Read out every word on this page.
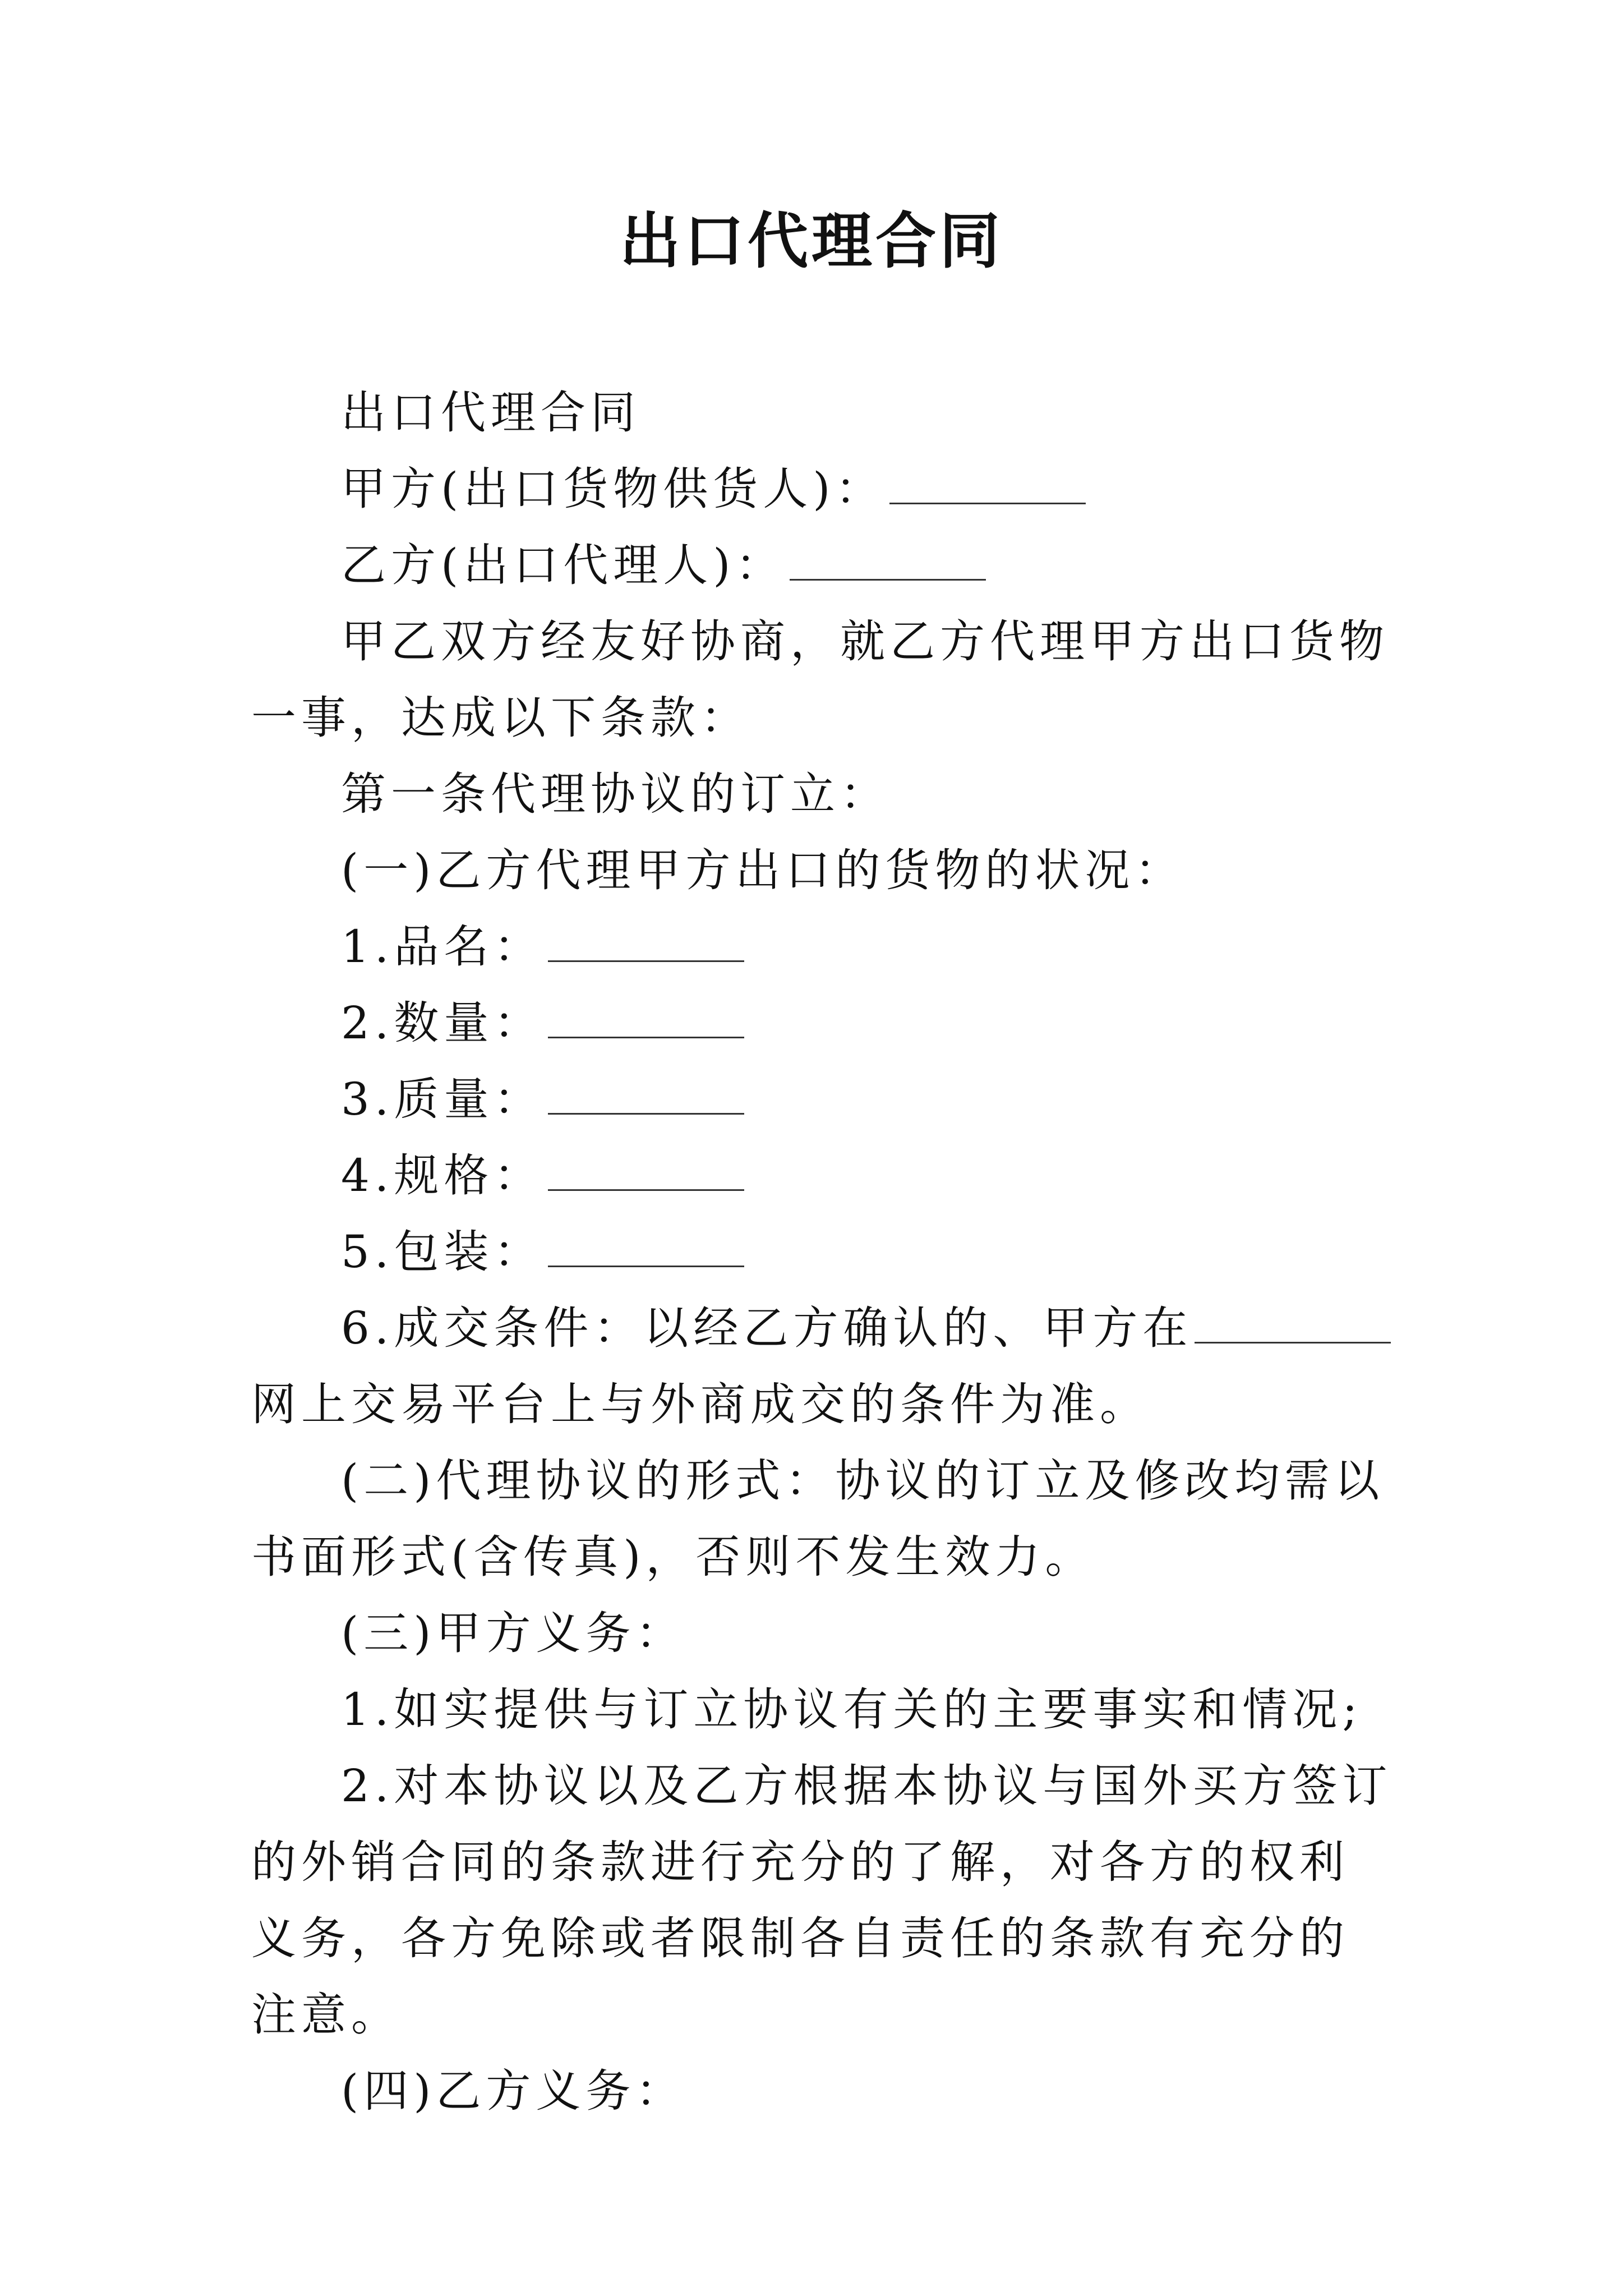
出口代理合同

出口代理合同

甲方(出口货物供货人)：

乙方(出口代理人)：

甲乙双方经友好协商，就乙方代理甲方出口货物一事，达成以下条款：

第一条代理协议的订立：

(一)乙方代理甲方出口的货物的状况：

1.品名：

2.数量：

3.质量：

4.规格：

5.包装：

6.成交条件：以经乙方确认的、甲方在网上交易平台上与外商成交的条件为准。

(二)代理协议的形式：协议的订立及修改均需以书面形式(含传真)，否则不发生效力。

(三)甲方义务：

1.如实提供与订立协议有关的主要事实和情况;

2.对本协议以及乙方根据本协议与国外买方签订的外销合同的条款进行充分的了解，对各方的权利义务，各方免除或者限制各自责任的条款有充分的注意。

(四)乙方义务：
